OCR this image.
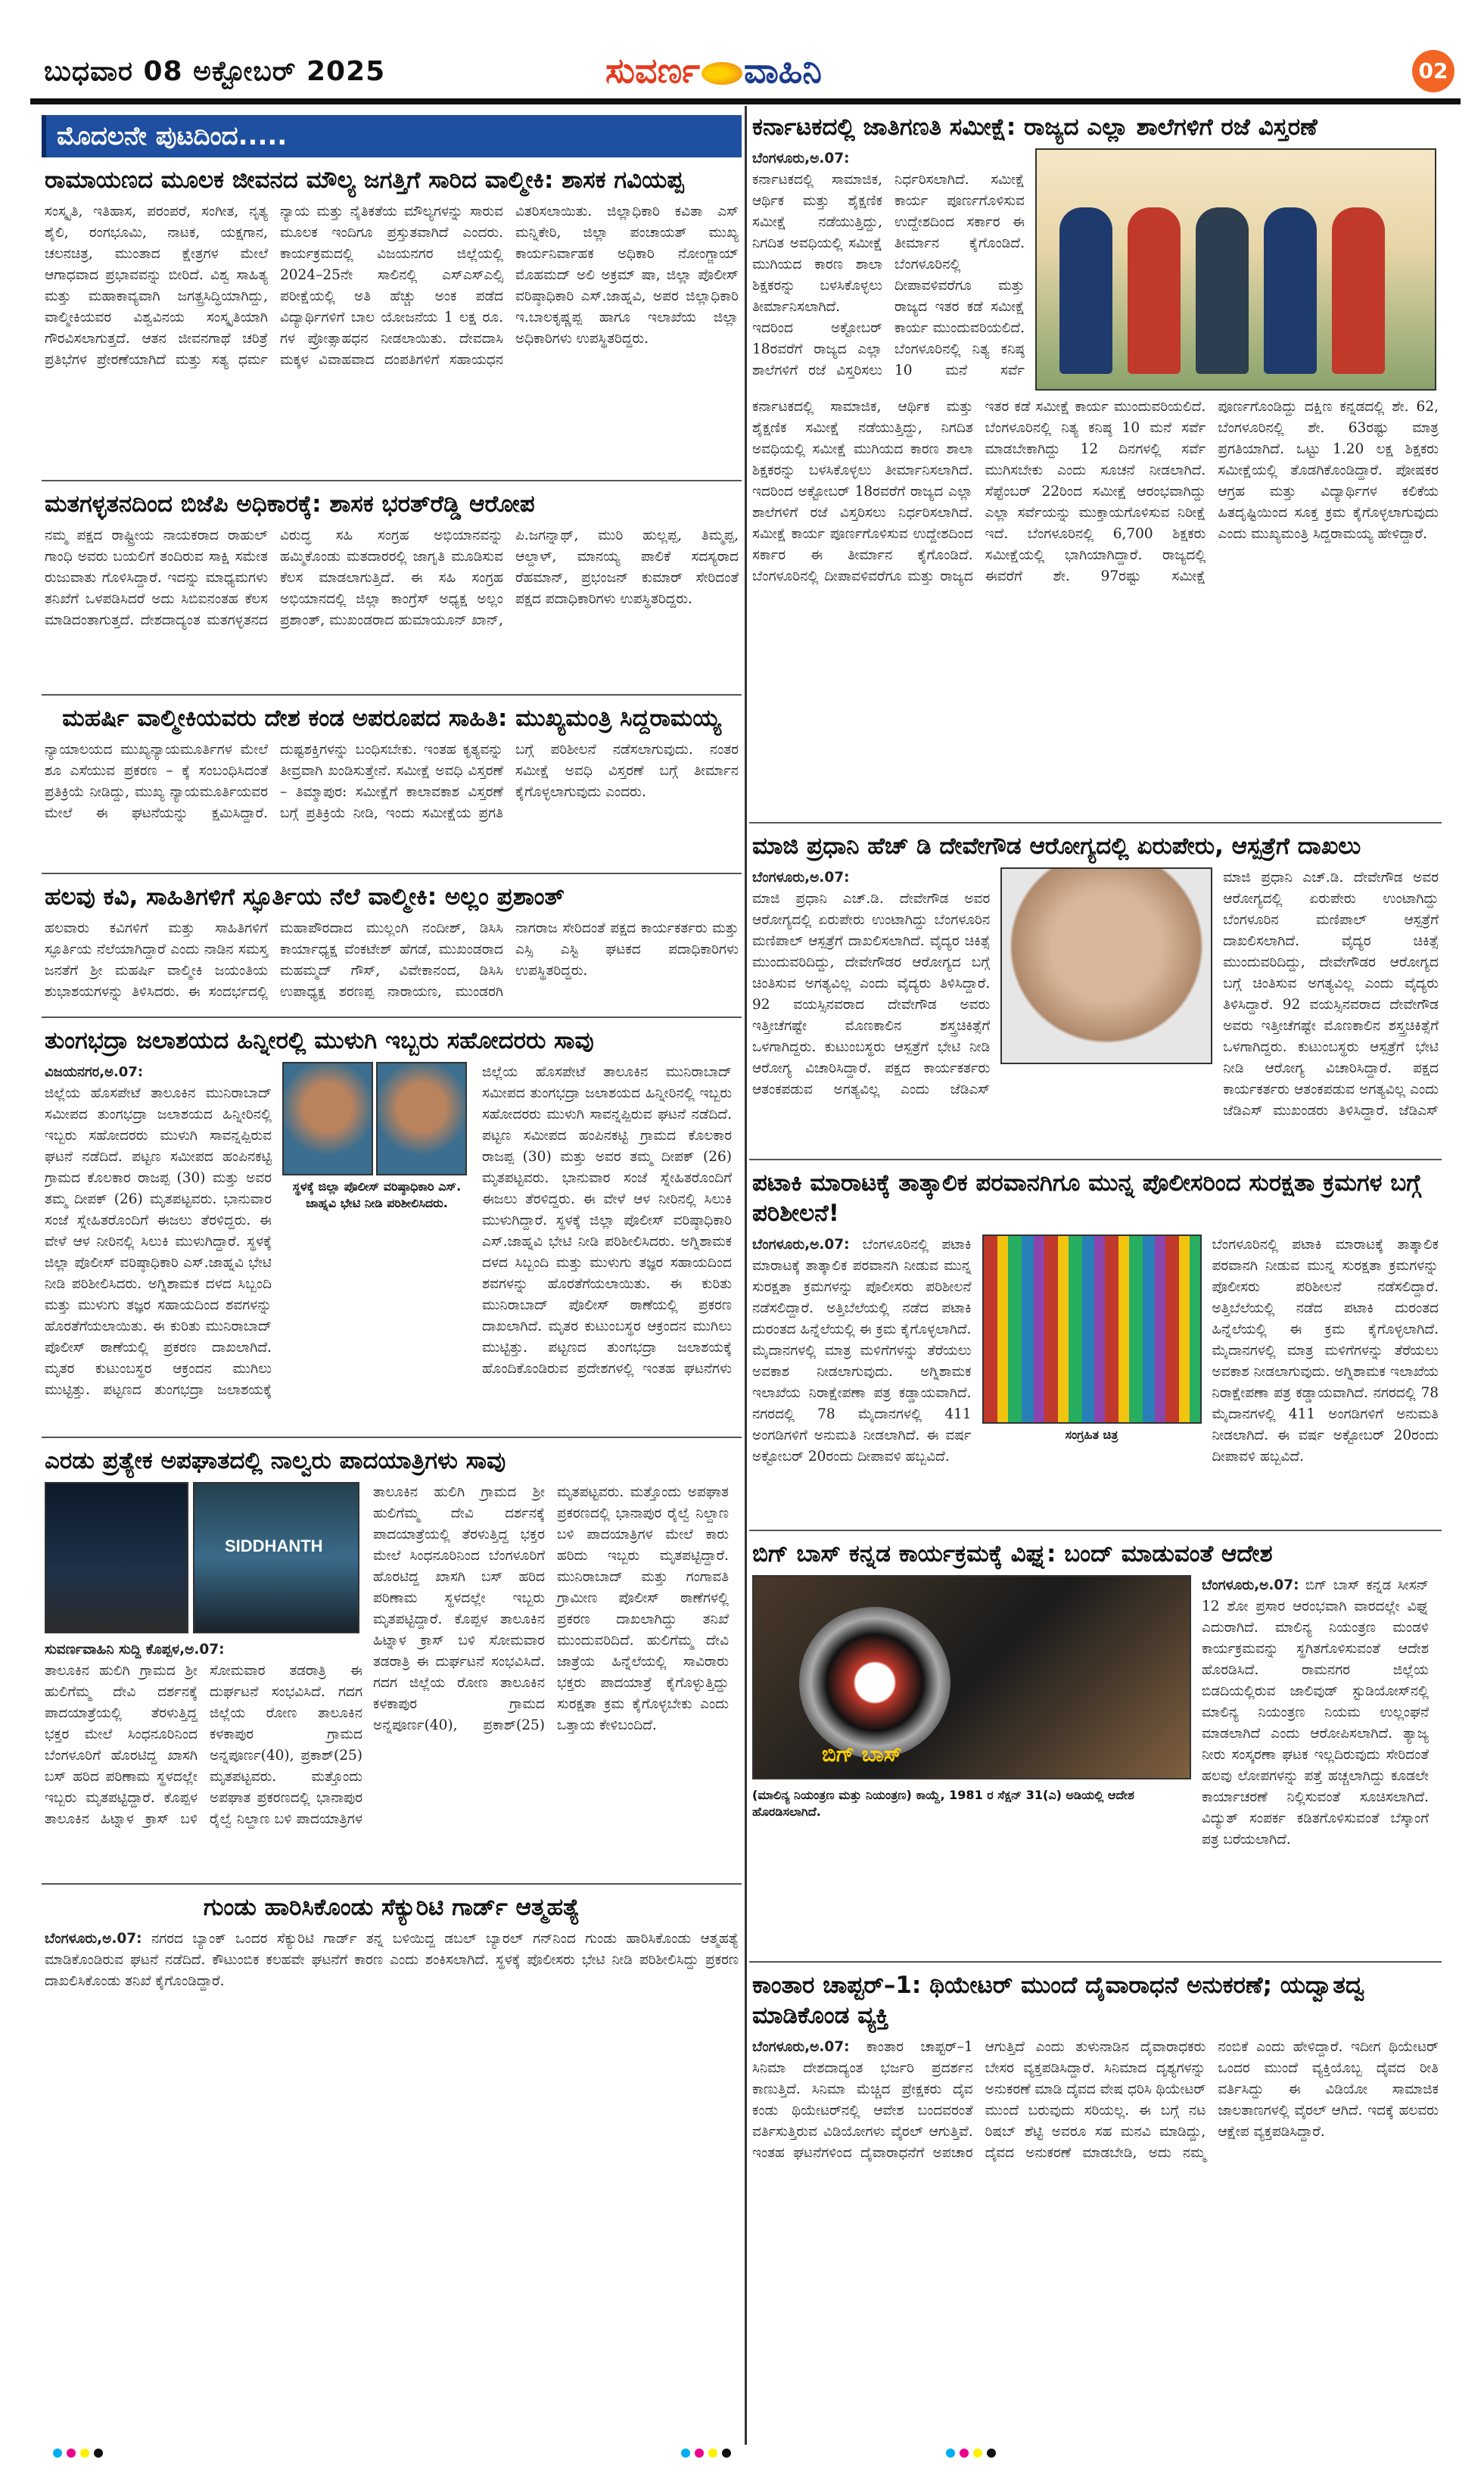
ಬುಧವಾರ 08 ಅಕ್ಟೋಬರ್ 2025	ಸುವರ್ಣ ವಾಹಿನಿ	02
ಮೊದಲನೇ ಪುಟದಿಂದ.....
ರಾಮಾಯಣದ ಮೂಲಕ ಜೀವನದ ಮೌಲ್ಯ ಜಗತ್ತಿಗೆ ಸಾರಿದ ವಾಲ್ಮೀಕಿ: ಶಾಸಕ ಗವಿಯಪ್ಪ
ಸಂಸ್ಕೃತಿ, ಇತಿಹಾಸ, ಪರಂಪರೆ, ಸಂಗೀತ, ನೃತ್ಯ ಶೈಲಿ, ರಂಗಭೂಮಿ, ನಾಟಕ, ಯಕ್ಷಗಾನ, ಚಲನಚಿತ್ರ, ಮುಂತಾದ ಕ್ಷೇತ್ರಗಳ ಮೇಲೆ ಆಗಾಧವಾದ ಪ್ರಭಾವವನ್ನು ಬೀರಿದೆ. ವಿಶ್ವ ಸಾಹಿತ್ಯ ಮತ್ತು ಮಹಾಕಾವ್ಯವಾಗಿ ಜಗತ್ಪ್ರಸಿದ್ಧಿಯಾಗಿದ್ದು, ವಾಲ್ಮೀಕಿಯವರ ವಿಶ್ವವಿನಯ ಸಂಸ್ಕೃತಿಯಾಗಿ ಗೌರವಿಸಲಾಗುತ್ತದೆ. ಆತನ ಜೀವನಗಾಥೆ ಚರಿತ್ರೆ ಪ್ರತಿಭೆಗಳ ಪ್ರೇರಣೆಯಾಗಿದೆ ಮತ್ತು ಸತ್ಯ ಧರ್ಮ ನ್ಯಾಯ ಮತ್ತು ನೈತಿಕತೆಯ ಮೌಲ್ಯಗಳನ್ನು ಸಾರುವ ಮೂಲಕ ಇಂದಿಗೂ ಪ್ರಸ್ತುತವಾಗಿದೆ ಎಂದರು. ಕಾರ್ಯಕ್ರಮದಲ್ಲಿ ವಿಜಯನಗರ ಜಿಲ್ಲೆಯಲ್ಲಿ 2024–25ನೇ ಸಾಲಿನಲ್ಲಿ ಎಸ್ಎಸ್ಎಲ್ಸಿ ಪರೀಕ್ಷೆಯಲ್ಲಿ ಅತಿ ಹೆಚ್ಚು ಅಂಕ ಪಡೆದ ವಿದ್ಯಾರ್ಥಿಗಳಿಗೆ ಬಾಲ ಯೋಜನೆಯ 1 ಲಕ್ಷ ರೂ. ಗಳ ಪ್ರೋತ್ಸಾಹಧನ ನೀಡಲಾಯಿತು. ದೇವದಾಸಿ ಮಕ್ಕಳ ವಿವಾಹವಾದ ದಂಪತಿಗಳಿಗೆ ಸಹಾಯಧನ ವಿತರಿಸಲಾಯಿತು. ಜಿಲ್ಲಾಧಿಕಾರಿ ಕವಿತಾ ಎಸ್ ಮನ್ನಿಕೇರಿ, ಜಿಲ್ಲಾ ಪಂಚಾಯತ್ ಮುಖ್ಯ ಕಾರ್ಯನಿರ್ವಾಹಕ ಅಧಿಕಾರಿ ನೋಂಗ್ಜಾಯ್ ಮೊಹಮದ್ ಅಲಿ ಅಕ್ರಮ್ ಷಾ, ಜಿಲ್ಲಾ ಪೊಲೀಸ್ ವರಿಷ್ಠಾಧಿಕಾರಿ ಎಸ್.ಜಾಹ್ನವಿ, ಅಪರ ಜಿಲ್ಲಾಧಿಕಾರಿ ಇ.ಬಾಲಕೃಷ್ಣಪ್ಪ ಹಾಗೂ ಇಲಾಖೆಯ ಜಿಲ್ಲಾ ಅಧಿಕಾರಿಗಳು ಉಪಸ್ಥಿತರಿದ್ದರು.
ಮತಗಳ್ಳತನದಿಂದ ಬಿಜೆಪಿ ಅಧಿಕಾರಕ್ಕೆ: ಶಾಸಕ ಭರತ್‌ರೆಡ್ಡಿ ಆರೋಪ
ನಮ್ಮ ಪಕ್ಷದ ರಾಷ್ಟ್ರೀಯ ನಾಯಕರಾದ ರಾಹುಲ್ ಗಾಂಧಿ ಅವರು ಬಯಲಿಗೆ ತಂದಿರುವ ಸಾಕ್ಷಿ ಸಮೇತ ರುಜುವಾತು ಗೊಳಿಸಿದ್ದಾರೆ. ಇದನ್ನು ಮಾಧ್ಯಮಗಳು ತನಿಖೆಗೆ ಒಳಪಡಿಸಿದರೆ ಅದು ಸಿಬಿಐನಂತಹ ಕೆಲಸ ಮಾಡಿದಂತಾಗುತ್ತದೆ. ದೇಶದಾದ್ಯಂತ ಮತಗಳ್ಳತನದ ವಿರುದ್ಧ ಸಹಿ ಸಂಗ್ರಹ ಅಭಿಯಾನವನ್ನು ಹಮ್ಮಿಕೊಂಡು ಮತದಾರರಲ್ಲಿ ಜಾಗೃತಿ ಮೂಡಿಸುವ ಕೆಲಸ ಮಾಡಲಾಗುತ್ತಿದೆ. ಈ ಸಹಿ ಸಂಗ್ರಹ ಅಭಿಯಾನದಲ್ಲಿ ಜಿಲ್ಲಾ ಕಾಂಗ್ರೆಸ್ ಅಧ್ಯಕ್ಷ ಅಲ್ಲಂ ಪ್ರಶಾಂತ್, ಮುಖಂಡರಾದ ಹುಮಾಯೂನ್ ಖಾನ್, ಪಿ.ಜಗನ್ನಾಥ್, ಮುರಿ ಹುಲ್ಲಪ್ಪ, ತಿಮ್ಮಪ್ಪ, ಆಲ್ದಾಳ್, ಮಾನಯ್ಯ ಪಾಲಿಕೆ ಸದಸ್ಯರಾದ ರೆಹಮಾನ್, ಪ್ರಭಂಜನ್ ಕುಮಾರ್ ಸೇರಿದಂತೆ ಪಕ್ಷದ ಪದಾಧಿಕಾರಿಗಳು ಉಪಸ್ಥಿತರಿದ್ದರು.
ಮಹರ್ಷಿ ವಾಲ್ಮೀಕಿಯವರು ದೇಶ ಕಂಡ ಅಪರೂಪದ ಸಾಹಿತಿ: ಮುಖ್ಯಮಂತ್ರಿ ಸಿದ್ದರಾಮಯ್ಯ
ನ್ಯಾಯಾಲಯದ ಮುಖ್ಯನ್ಯಾಯಮೂರ್ತಿಗಳ ಮೇಲೆ ಶೂ ಎಸೆಯುವ ಪ್ರಕರಣ – ಕ್ಕೆ ಸಂಬಂಧಿಸಿದಂತೆ ಪ್ರತಿಕ್ರಿಯೆ ನೀಡಿದ್ದು, ಮುಖ್ಯ ನ್ಯಾಯಮೂರ್ತಿಯವರ ಮೇಲೆ ಈ ಘಟನೆಯನ್ನು ಕ್ಷಮಿಸಿದ್ದಾರೆ. ದುಷ್ಟಶಕ್ತಿಗಳನ್ನು ಬಂಧಿಸಬೇಕು. ಇಂತಹ ಕೃತ್ಯವನ್ನು ತೀವ್ರವಾಗಿ ಖಂಡಿಸುತ್ತೇನೆ. ಸಮೀಕ್ಷೆ ಅವಧಿ ವಿಸ್ತರಣೆ – ತಿಮ್ಮಾಪುರ: ಸಮೀಕ್ಷೆಗೆ ಕಾಲಾವಕಾಶ ವಿಸ್ತರಣೆ ಬಗ್ಗೆ ಪ್ರತಿಕ್ರಿಯೆ ನೀಡಿ, ಇಂದು ಸಮೀಕ್ಷೆಯ ಪ್ರಗತಿ ಬಗ್ಗೆ ಪರಿಶೀಲನೆ ನಡೆಸಲಾಗುವುದು. ನಂತರ ಸಮೀಕ್ಷೆ ಅವಧಿ ವಿಸ್ತರಣೆ ಬಗ್ಗೆ ತೀರ್ಮಾನ ಕೈಗೊಳ್ಳಲಾಗುವುದು ಎಂದರು.
ಹಲವು ಕವಿ, ಸಾಹಿತಿಗಳಿಗೆ ಸ್ಫೂರ್ತಿಯ ನೆಲೆ ವಾಲ್ಮೀಕಿ: ಅಲ್ಲಂ ಪ್ರಶಾಂತ್
ಹಲವಾರು ಕವಿಗಳಿಗೆ ಮತ್ತು ಸಾಹಿತಿಗಳಿಗೆ ಸ್ಫೂರ್ತಿಯ ನೆಲೆಯಾಗಿದ್ದಾರೆ ಎಂದು ನಾಡಿನ ಸಮಸ್ತ ಜನತೆಗೆ ಶ್ರೀ ಮಹರ್ಷಿ ವಾಲ್ಮೀಕಿ ಜಯಂತಿಯ ಶುಭಾಶಯಗಳನ್ನು ತಿಳಿಸಿದರು. ಈ ಸಂದರ್ಭದಲ್ಲಿ ಮಹಾಪೌರದಾದ ಮುಲ್ಲಂಗಿ ನಂದೀಶ್, ಡಿಸಿಸಿ ಕಾರ್ಯಾಧ್ಯಕ್ಷ ವೆಂಕಟೇಶ್ ಹೆಗಡೆ, ಮುಖಂಡರಾದ ಮಹಮ್ಮದ್ ಗೌಸ್, ವಿವೇಕಾನಂದ, ಡಿಸಿಸಿ ಉಪಾಧ್ಯಕ್ಷ ಶರಣಪ್ಪ ನಾರಾಯಣ, ಮುಂಡರಗಿ ನಾಗರಾಜ ಸೇರಿದಂತೆ ಪಕ್ಷದ ಕಾರ್ಯಕರ್ತರು ಮತ್ತು ಎಸ್ಸಿ ಎಸ್ಟಿ ಘಟಕದ ಪದಾಧಿಕಾರಿಗಳು ಉಪಸ್ಥಿತರಿದ್ದರು.
ತುಂಗಭದ್ರಾ ಜಲಾಶಯದ ಹಿನ್ನೀರಲ್ಲಿ ಮುಳುಗಿ ಇಬ್ಬರು ಸಹೋದರರು ಸಾವು
ವಿಜಯನಗರ,ಅ.07:
ಜಿಲ್ಲೆಯ ಹೊಸಪೇಟೆ ತಾಲೂಕಿನ ಮುನಿರಾಬಾದ್ ಸಮೀಪದ ತುಂಗಭದ್ರಾ ಜಲಾಶಯದ ಹಿನ್ನೀರಿನಲ್ಲಿ ಇಬ್ಬರು ಸಹೋದರರು ಮುಳುಗಿ ಸಾವನ್ನಪ್ಪಿರುವ ಘಟನೆ ನಡೆದಿದೆ. ಪಟ್ಟಣ ಸಮೀಪದ ಹಂಪಿನಕಟ್ಟಿ ಗ್ರಾಮದ ಕೊಲಕಾರ ರಾಜಪ್ಪ (30) ಮತ್ತು ಅವರ ತಮ್ಮ ದೀಪಕ್ (26) ಮೃತಪಟ್ಟವರು. ಭಾನುವಾರ ಸಂಜೆ ಸ್ನೇಹಿತರೊಂದಿಗೆ ಈಜಲು ತೆರಳಿದ್ದರು. ಈ ವೇಳೆ ಆಳ ನೀರಿನಲ್ಲಿ ಸಿಲುಕಿ ಮುಳುಗಿದ್ದಾರೆ. ಸ್ಥಳಕ್ಕೆ ಜಿಲ್ಲಾ ಪೊಲೀಸ್ ವರಿಷ್ಠಾಧಿಕಾರಿ ಎಸ್.ಜಾಹ್ನವಿ ಭೇಟಿ ನೀಡಿ ಪರಿಶೀಲಿಸಿದರು. ಅಗ್ನಿಶಾಮಕ ದಳದ ಸಿಬ್ಬಂದಿ ಮತ್ತು ಮುಳುಗು ತಜ್ಞರ ಸಹಾಯದಿಂದ ಶವಗಳನ್ನು ಹೊರತೆಗೆಯಲಾಯಿತು. ಈ ಕುರಿತು ಮುನಿರಾಬಾದ್ ಪೊಲೀಸ್ ಠಾಣೆಯಲ್ಲಿ ಪ್ರಕರಣ ದಾಖಲಾಗಿದೆ. ಮೃತರ ಕುಟುಂಬಸ್ಥರ ಆಕ್ರಂದನ ಮುಗಿಲು ಮುಟ್ಟಿತ್ತು. ಪಟ್ಟಣದ ತುಂಗಭದ್ರಾ ಜಲಾಶಯಕ್ಕೆ
ಸ್ಥಳಕ್ಕೆ ಜಿಲ್ಲಾ ಪೊಲೀಸ್ ವರಿಷ್ಠಾಧಿಕಾರಿ ಎಸ್. ಜಾಹ್ನವಿ ಭೇಟಿ ನೀಡಿ ಪರಿಶೀಲಿಸಿದರು.
ಜಿಲ್ಲೆಯ ಹೊಸಪೇಟೆ ತಾಲೂಕಿನ ಮುನಿರಾಬಾದ್ ಸಮೀಪದ ತುಂಗಭದ್ರಾ ಜಲಾಶಯದ ಹಿನ್ನೀರಿನಲ್ಲಿ ಇಬ್ಬರು ಸಹೋದರರು ಮುಳುಗಿ ಸಾವನ್ನಪ್ಪಿರುವ ಘಟನೆ ನಡೆದಿದೆ. ಪಟ್ಟಣ ಸಮೀಪದ ಹಂಪಿನಕಟ್ಟಿ ಗ್ರಾಮದ ಕೊಲಕಾರ ರಾಜಪ್ಪ (30) ಮತ್ತು ಅವರ ತಮ್ಮ ದೀಪಕ್ (26) ಮೃತಪಟ್ಟವರು. ಭಾನುವಾರ ಸಂಜೆ ಸ್ನೇಹಿತರೊಂದಿಗೆ ಈಜಲು ತೆರಳಿದ್ದರು. ಈ ವೇಳೆ ಆಳ ನೀರಿನಲ್ಲಿ ಸಿಲುಕಿ ಮುಳುಗಿದ್ದಾರೆ. ಸ್ಥಳಕ್ಕೆ ಜಿಲ್ಲಾ ಪೊಲೀಸ್ ವರಿಷ್ಠಾಧಿಕಾರಿ ಎಸ್.ಜಾಹ್ನವಿ ಭೇಟಿ ನೀಡಿ ಪರಿಶೀಲಿಸಿದರು. ಅಗ್ನಿಶಾಮಕ ದಳದ ಸಿಬ್ಬಂದಿ ಮತ್ತು ಮುಳುಗು ತಜ್ಞರ ಸಹಾಯದಿಂದ ಶವಗಳನ್ನು ಹೊರತೆಗೆಯಲಾಯಿತು. ಈ ಕುರಿತು ಮುನಿರಾಬಾದ್ ಪೊಲೀಸ್ ಠಾಣೆಯಲ್ಲಿ ಪ್ರಕರಣ ದಾಖಲಾಗಿದೆ. ಮೃತರ ಕುಟುಂಬಸ್ಥರ ಆಕ್ರಂದನ ಮುಗಿಲು ಮುಟ್ಟಿತ್ತು. ಪಟ್ಟಣದ ತುಂಗಭದ್ರಾ ಜಲಾಶಯಕ್ಕೆ ಹೊಂದಿಕೊಂಡಿರುವ ಪ್ರದೇಶಗಳಲ್ಲಿ ಇಂತಹ ಘಟನೆಗಳು
ಎರಡು ಪ್ರತ್ಯೇಕ ಅಪಘಾತದಲ್ಲಿ ನಾಲ್ವರು ಪಾದಯಾತ್ರಿಗಳು ಸಾವು
SIDDHANTH
ಸುವರ್ಣವಾಹಿನಿ ಸುದ್ದಿ ಕೊಪ್ಪಳ,ಅ.07:
ತಾಲೂಕಿನ ಹುಲಿಗಿ ಗ್ರಾಮದ ಶ್ರೀ ಹುಲಿಗೆಮ್ಮ ದೇವಿ ದರ್ಶನಕ್ಕೆ ಪಾದಯಾತ್ರೆಯಲ್ಲಿ ತೆರಳುತ್ತಿದ್ದ ಭಕ್ತರ ಮೇಲೆ ಸಿಂಧನೂರಿನಿಂದ ಬೆಂಗಳೂರಿಗೆ ಹೊರಟಿದ್ದ ಖಾಸಗಿ ಬಸ್ ಹರಿದ ಪರಿಣಾಮ ಸ್ಥಳದಲ್ಲೇ ಇಬ್ಬರು ಮೃತಪಟ್ಟಿದ್ದಾರೆ. ಕೊಪ್ಪಳ ತಾಲೂಕಿನ ಹಿಟ್ನಾಳ ಕ್ರಾಸ್ ಬಳಿ ಸೋಮವಾರ ತಡರಾತ್ರಿ ಈ ದುರ್ಘಟನೆ ಸಂಭವಿಸಿದೆ. ಗದಗ ಜಿಲ್ಲೆಯ ರೋಣ ತಾಲೂಕಿನ ಕಳಕಾಪುರ ಗ್ರಾಮದ ಅನ್ನಪೂರ್ಣ(40), ಪ್ರಕಾಶ್(25) ಮೃತಪಟ್ಟವರು. ಮತ್ತೊಂದು ಅಪಘಾತ ಪ್ರಕರಣದಲ್ಲಿ ಭಾನಾಪುರ ರೈಲ್ವೆ ನಿಲ್ದಾಣ ಬಳಿ ಪಾದಯಾತ್ರಿಗಳ
ತಾಲೂಕಿನ ಹುಲಿಗಿ ಗ್ರಾಮದ ಶ್ರೀ ಹುಲಿಗೆಮ್ಮ ದೇವಿ ದರ್ಶನಕ್ಕೆ ಪಾದಯಾತ್ರೆಯಲ್ಲಿ ತೆರಳುತ್ತಿದ್ದ ಭಕ್ತರ ಮೇಲೆ ಸಿಂಧನೂರಿನಿಂದ ಬೆಂಗಳೂರಿಗೆ ಹೊರಟಿದ್ದ ಖಾಸಗಿ ಬಸ್ ಹರಿದ ಪರಿಣಾಮ ಸ್ಥಳದಲ್ಲೇ ಇಬ್ಬರು ಮೃತಪಟ್ಟಿದ್ದಾರೆ. ಕೊಪ್ಪಳ ತಾಲೂಕಿನ ಹಿಟ್ನಾಳ ಕ್ರಾಸ್ ಬಳಿ ಸೋಮವಾರ ತಡರಾತ್ರಿ ಈ ದುರ್ಘಟನೆ ಸಂಭವಿಸಿದೆ. ಗದಗ ಜಿಲ್ಲೆಯ ರೋಣ ತಾಲೂಕಿನ ಕಳಕಾಪುರ ಗ್ರಾಮದ ಅನ್ನಪೂರ್ಣ(40), ಪ್ರಕಾಶ್(25) ಮೃತಪಟ್ಟವರು. ಮತ್ತೊಂದು ಅಪಘಾತ ಪ್ರಕರಣದಲ್ಲಿ ಭಾನಾಪುರ ರೈಲ್ವೆ ನಿಲ್ದಾಣ ಬಳಿ ಪಾದಯಾತ್ರಿಗಳ ಮೇಲೆ ಕಾರು ಹರಿದು ಇಬ್ಬರು ಮೃತಪಟ್ಟಿದ್ದಾರೆ. ಮುನಿರಾಬಾದ್ ಮತ್ತು ಗಂಗಾವತಿ ಗ್ರಾಮೀಣ ಪೊಲೀಸ್ ಠಾಣೆಗಳಲ್ಲಿ ಪ್ರಕರಣ ದಾಖಲಾಗಿದ್ದು ತನಿಖೆ ಮುಂದುವರಿದಿದೆ. ಹುಲಿಗೆಮ್ಮ ದೇವಿ ಜಾತ್ರೆಯ ಹಿನ್ನೆಲೆಯಲ್ಲಿ ಸಾವಿರಾರು ಭಕ್ತರು ಪಾದಯಾತ್ರೆ ಕೈಗೊಳ್ಳುತ್ತಿದ್ದು ಸುರಕ್ಷತಾ ಕ್ರಮ ಕೈಗೊಳ್ಳಬೇಕು ಎಂದು ಒತ್ತಾಯ ಕೇಳಿಬಂದಿದೆ.
ಗುಂಡು ಹಾರಿಸಿಕೊಂಡು ಸೆಕ್ಯುರಿಟಿ ಗಾರ್ಡ್ ಆತ್ಮಹತ್ಯೆ
ಬೆಂಗಳೂರು,ಅ.07: ನಗರದ ಬ್ಯಾಂಕ್ ಒಂದರ ಸೆಕ್ಯುರಿಟಿ ಗಾರ್ಡ್ ತನ್ನ ಬಳಿಯಿದ್ದ ಡಬಲ್ ಬ್ಯಾರಲ್ ಗನ್‌ನಿಂದ ಗುಂಡು ಹಾರಿಸಿಕೊಂಡು ಆತ್ಮಹತ್ಯೆ ಮಾಡಿಕೊಂಡಿರುವ ಘಟನೆ ನಡೆದಿದೆ. ಕೌಟುಂಬಿಕ ಕಲಹವೇ ಘಟನೆಗೆ ಕಾರಣ ಎಂದು ಶಂಕಿಸಲಾಗಿದೆ. ಸ್ಥಳಕ್ಕೆ ಪೊಲೀಸರು ಭೇಟಿ ನೀಡಿ ಪರಿಶೀಲಿಸಿದ್ದು ಪ್ರಕರಣ ದಾಖಲಿಸಿಕೊಂಡು ತನಿಖೆ ಕೈಗೊಂಡಿದ್ದಾರೆ.
ಕರ್ನಾಟಕದಲ್ಲಿ ಜಾತಿಗಣತಿ ಸಮೀಕ್ಷೆ: ರಾಜ್ಯದ ಎಲ್ಲಾ ಶಾಲೆಗಳಿಗೆ ರಜೆ ವಿಸ್ತರಣೆ
ಬೆಂಗಳೂರು,ಅ.07:
ಕರ್ನಾಟಕದಲ್ಲಿ ಸಾಮಾಜಿಕ, ಆರ್ಥಿಕ ಮತ್ತು ಶೈಕ್ಷಣಿಕ ಸಮೀಕ್ಷೆ ನಡೆಯುತ್ತಿದ್ದು, ನಿಗದಿತ ಅವಧಿಯಲ್ಲಿ ಸಮೀಕ್ಷೆ ಮುಗಿಯದ ಕಾರಣ ಶಾಲಾ ಶಿಕ್ಷಕರನ್ನು ಬಳಸಿಕೊಳ್ಳಲು ತೀರ್ಮಾನಿಸಲಾಗಿದೆ. ಇದರಿಂದ ಅಕ್ಟೋಬರ್ 18ರವರೆಗೆ ರಾಜ್ಯದ ಎಲ್ಲಾ ಶಾಲೆಗಳಿಗೆ ರಜೆ ವಿಸ್ತರಿಸಲು ನಿರ್ಧರಿಸಲಾಗಿದೆ. ಸಮೀಕ್ಷೆ ಕಾರ್ಯ ಪೂರ್ಣಗೊಳಿಸುವ ಉದ್ದೇಶದಿಂದ ಸರ್ಕಾರ ಈ ತೀರ್ಮಾನ ಕೈಗೊಂಡಿದೆ. ಬೆಂಗಳೂರಿನಲ್ಲಿ ದೀಪಾವಳಿವರೆಗೂ ಮತ್ತು ರಾಜ್ಯದ ಇತರ ಕಡೆ ಸಮೀಕ್ಷೆ ಕಾರ್ಯ ಮುಂದುವರಿಯಲಿದೆ. ಬೆಂಗಳೂರಿನಲ್ಲಿ ನಿತ್ಯ ಕನಿಷ್ಠ 10 ಮನೆ ಸರ್ವೆ
ಕರ್ನಾಟಕದಲ್ಲಿ ಸಾಮಾಜಿಕ, ಆರ್ಥಿಕ ಮತ್ತು ಶೈಕ್ಷಣಿಕ ಸಮೀಕ್ಷೆ ನಡೆಯುತ್ತಿದ್ದು, ನಿಗದಿತ ಅವಧಿಯಲ್ಲಿ ಸಮೀಕ್ಷೆ ಮುಗಿಯದ ಕಾರಣ ಶಾಲಾ ಶಿಕ್ಷಕರನ್ನು ಬಳಸಿಕೊಳ್ಳಲು ತೀರ್ಮಾನಿಸಲಾಗಿದೆ. ಇದರಿಂದ ಅಕ್ಟೋಬರ್ 18ರವರೆಗೆ ರಾಜ್ಯದ ಎಲ್ಲಾ ಶಾಲೆಗಳಿಗೆ ರಜೆ ವಿಸ್ತರಿಸಲು ನಿರ್ಧರಿಸಲಾಗಿದೆ. ಸಮೀಕ್ಷೆ ಕಾರ್ಯ ಪೂರ್ಣಗೊಳಿಸುವ ಉದ್ದೇಶದಿಂದ ಸರ್ಕಾರ ಈ ತೀರ್ಮಾನ ಕೈಗೊಂಡಿದೆ. ಬೆಂಗಳೂರಿನಲ್ಲಿ ದೀಪಾವಳಿವರೆಗೂ ಮತ್ತು ರಾಜ್ಯದ ಇತರ ಕಡೆ ಸಮೀಕ್ಷೆ ಕಾರ್ಯ ಮುಂದುವರಿಯಲಿದೆ. ಬೆಂಗಳೂರಿನಲ್ಲಿ ನಿತ್ಯ ಕನಿಷ್ಠ 10 ಮನೆ ಸರ್ವೆ ಮಾಡಬೇಕಾಗಿದ್ದು 12 ದಿನಗಳಲ್ಲಿ ಸರ್ವೆ ಮುಗಿಸಬೇಕು ಎಂದು ಸೂಚನೆ ನೀಡಲಾಗಿದೆ. ಸೆಪ್ಟೆಂಬರ್ 22ರಿಂದ ಸಮೀಕ್ಷೆ ಆರಂಭವಾಗಿದ್ದು ಎಲ್ಲಾ ಸರ್ವೆಯನ್ನು ಮುಕ್ತಾಯಗೊಳಿಸುವ ನಿರೀಕ್ಷೆ ಇದೆ. ಬೆಂಗಳೂರಿನಲ್ಲಿ 6,700 ಶಿಕ್ಷಕರು ಸಮೀಕ್ಷೆಯಲ್ಲಿ ಭಾಗಿಯಾಗಿದ್ದಾರೆ. ರಾಜ್ಯದಲ್ಲಿ ಈವರೆಗೆ ಶೇ. 97ರಷ್ಟು ಸಮೀಕ್ಷೆ ಪೂರ್ಣಗೊಂಡಿದ್ದು ದಕ್ಷಿಣ ಕನ್ನಡದಲ್ಲಿ ಶೇ. 62, ಬೆಂಗಳೂರಿನಲ್ಲಿ ಶೇ. 63ರಷ್ಟು ಮಾತ್ರ ಪ್ರಗತಿಯಾಗಿದೆ. ಒಟ್ಟು 1.20 ಲಕ್ಷ ಶಿಕ್ಷಕರು ಸಮೀಕ್ಷೆಯಲ್ಲಿ ತೊಡಗಿಕೊಂಡಿದ್ದಾರೆ. ಪೋಷಕರ ಆಗ್ರಹ ಮತ್ತು ವಿದ್ಯಾರ್ಥಿಗಳ ಕಲಿಕೆಯ ಹಿತದೃಷ್ಟಿಯಿಂದ ಸೂಕ್ತ ಕ್ರಮ ಕೈಗೊಳ್ಳಲಾಗುವುದು ಎಂದು ಮುಖ್ಯಮಂತ್ರಿ ಸಿದ್ದರಾಮಯ್ಯ ಹೇಳಿದ್ದಾರೆ.
ಮಾಜಿ ಪ್ರಧಾನಿ ಹೆಚ್ ಡಿ ದೇವೇಗೌಡ ಆರೋಗ್ಯದಲ್ಲಿ ಏರುಪೇರು, ಆಸ್ಪತ್ರೆಗೆ ದಾಖಲು
ಬೆಂಗಳೂರು,ಅ.07:
ಮಾಜಿ ಪ್ರಧಾನಿ ಎಚ್.ಡಿ. ದೇವೇಗೌಡ ಅವರ ಆರೋಗ್ಯದಲ್ಲಿ ಏರುಪೇರು ಉಂಟಾಗಿದ್ದು ಬೆಂಗಳೂರಿನ ಮಣಿಪಾಲ್ ಆಸ್ಪತ್ರೆಗೆ ದಾಖಲಿಸಲಾಗಿದೆ. ವೈದ್ಯರ ಚಿಕಿತ್ಸೆ ಮುಂದುವರಿದಿದ್ದು, ದೇವೇಗೌಡರ ಆರೋಗ್ಯದ ಬಗ್ಗೆ ಚಿಂತಿಸುವ ಅಗತ್ಯವಿಲ್ಲ ಎಂದು ವೈದ್ಯರು ತಿಳಿಸಿದ್ದಾರೆ. 92 ವಯಸ್ಸಿನವರಾದ ದೇವೇಗೌಡ ಅವರು ಇತ್ತೀಚೆಗಷ್ಟೇ ಮೊಣಕಾಲಿನ ಶಸ್ತ್ರಚಿಕಿತ್ಸೆಗೆ ಒಳಗಾಗಿದ್ದರು. ಕುಟುಂಬಸ್ಥರು ಆಸ್ಪತ್ರೆಗೆ ಭೇಟಿ ನೀಡಿ ಆರೋಗ್ಯ ವಿಚಾರಿಸಿದ್ದಾರೆ. ಪಕ್ಷದ ಕಾರ್ಯಕರ್ತರು ಆತಂಕಪಡುವ ಅಗತ್ಯವಿಲ್ಲ ಎಂದು ಜೆಡಿಎಸ್
ಮಾಜಿ ಪ್ರಧಾನಿ ಎಚ್.ಡಿ. ದೇವೇಗೌಡ ಅವರ ಆರೋಗ್ಯದಲ್ಲಿ ಏರುಪೇರು ಉಂಟಾಗಿದ್ದು ಬೆಂಗಳೂರಿನ ಮಣಿಪಾಲ್ ಆಸ್ಪತ್ರೆಗೆ ದಾಖಲಿಸಲಾಗಿದೆ. ವೈದ್ಯರ ಚಿಕಿತ್ಸೆ ಮುಂದುವರಿದಿದ್ದು, ದೇವೇಗೌಡರ ಆರೋಗ್ಯದ ಬಗ್ಗೆ ಚಿಂತಿಸುವ ಅಗತ್ಯವಿಲ್ಲ ಎಂದು ವೈದ್ಯರು ತಿಳಿಸಿದ್ದಾರೆ. 92 ವಯಸ್ಸಿನವರಾದ ದೇವೇಗೌಡ ಅವರು ಇತ್ತೀಚೆಗಷ್ಟೇ ಮೊಣಕಾಲಿನ ಶಸ್ತ್ರಚಿಕಿತ್ಸೆಗೆ ಒಳಗಾಗಿದ್ದರು. ಕುಟುಂಬಸ್ಥರು ಆಸ್ಪತ್ರೆಗೆ ಭೇಟಿ ನೀಡಿ ಆರೋಗ್ಯ ವಿಚಾರಿಸಿದ್ದಾರೆ. ಪಕ್ಷದ ಕಾರ್ಯಕರ್ತರು ಆತಂಕಪಡುವ ಅಗತ್ಯವಿಲ್ಲ ಎಂದು ಜೆಡಿಎಸ್ ಮುಖಂಡರು ತಿಳಿಸಿದ್ದಾರೆ. ಜೆಡಿಎಸ್
ಪಟಾಕಿ ಮಾರಾಟಕ್ಕೆ ತಾತ್ಕಾಲಿಕ ಪರವಾನಗಿಗೂ ಮುನ್ನ ಪೊಲೀಸರಿಂದ ಸುರಕ್ಷತಾ ಕ್ರಮಗಳ ಬಗ್ಗೆ ಪರಿಶೀಲನೆ!
ಬೆಂಗಳೂರು,ಅ.07: ಬೆಂಗಳೂರಿನಲ್ಲಿ ಪಟಾಕಿ ಮಾರಾಟಕ್ಕೆ ತಾತ್ಕಾಲಿಕ ಪರವಾನಗಿ ನೀಡುವ ಮುನ್ನ ಸುರಕ್ಷತಾ ಕ್ರಮಗಳನ್ನು ಪೊಲೀಸರು ಪರಿಶೀಲನೆ ನಡೆಸಲಿದ್ದಾರೆ. ಅತ್ತಿಬೆಲೆಯಲ್ಲಿ ನಡೆದ ಪಟಾಕಿ ದುರಂತದ ಹಿನ್ನೆಲೆಯಲ್ಲಿ ಈ ಕ್ರಮ ಕೈಗೊಳ್ಳಲಾಗಿದೆ. ಮೈದಾನಗಳಲ್ಲಿ ಮಾತ್ರ ಮಳಿಗೆಗಳನ್ನು ತೆರೆಯಲು ಅವಕಾಶ ನೀಡಲಾಗುವುದು. ಅಗ್ನಿಶಾಮಕ ಇಲಾಖೆಯ ನಿರಾಕ್ಷೇಪಣಾ ಪತ್ರ ಕಡ್ಡಾಯವಾಗಿದೆ. ನಗರದಲ್ಲಿ 78 ಮೈದಾನಗಳಲ್ಲಿ 411 ಅಂಗಡಿಗಳಿಗೆ ಅನುಮತಿ ನೀಡಲಾಗಿದೆ. ಈ ವರ್ಷ ಅಕ್ಟೋಬರ್ 20ರಂದು ದೀಪಾವಳಿ ಹಬ್ಬವಿದೆ.
ಸಂಗ್ರಹಿತ ಚಿತ್ರ
ಬೆಂಗಳೂರಿನಲ್ಲಿ ಪಟಾಕಿ ಮಾರಾಟಕ್ಕೆ ತಾತ್ಕಾಲಿಕ ಪರವಾನಗಿ ನೀಡುವ ಮುನ್ನ ಸುರಕ್ಷತಾ ಕ್ರಮಗಳನ್ನು ಪೊಲೀಸರು ಪರಿಶೀಲನೆ ನಡೆಸಲಿದ್ದಾರೆ. ಅತ್ತಿಬೆಲೆಯಲ್ಲಿ ನಡೆದ ಪಟಾಕಿ ದುರಂತದ ಹಿನ್ನೆಲೆಯಲ್ಲಿ ಈ ಕ್ರಮ ಕೈಗೊಳ್ಳಲಾಗಿದೆ. ಮೈದಾನಗಳಲ್ಲಿ ಮಾತ್ರ ಮಳಿಗೆಗಳನ್ನು ತೆರೆಯಲು ಅವಕಾಶ ನೀಡಲಾಗುವುದು. ಅಗ್ನಿಶಾಮಕ ಇಲಾಖೆಯ ನಿರಾಕ್ಷೇಪಣಾ ಪತ್ರ ಕಡ್ಡಾಯವಾಗಿದೆ. ನಗರದಲ್ಲಿ 78 ಮೈದಾನಗಳಲ್ಲಿ 411 ಅಂಗಡಿಗಳಿಗೆ ಅನುಮತಿ ನೀಡಲಾಗಿದೆ. ಈ ವರ್ಷ ಅಕ್ಟೋಬರ್ 20ರಂದು ದೀಪಾವಳಿ ಹಬ್ಬವಿದೆ.
ಬಿಗ್ ಬಾಸ್ ಕನ್ನಡ ಕಾರ್ಯಕ್ರಮಕ್ಕೆ ವಿಘ್ನ: ಬಂದ್ ಮಾಡುವಂತೆ ಆದೇಶ
ಬಿಗ್ ಬಾಸ್
ಬೆಂಗಳೂರು,ಅ.07: ಬಿಗ್ ಬಾಸ್ ಕನ್ನಡ ಸೀಸನ್ 12 ಶೋ ಪ್ರಸಾರ ಆರಂಭವಾಗಿ ವಾರದಲ್ಲೇ ವಿಘ್ನ ಎದುರಾಗಿದೆ. ಮಾಲಿನ್ಯ ನಿಯಂತ್ರಣ ಮಂಡಳಿ ಕಾರ್ಯಕ್ರಮವನ್ನು ಸ್ಥಗಿತಗೊಳಿಸುವಂತೆ ಆದೇಶ ಹೊರಡಿಸಿದೆ. ರಾಮನಗರ ಜಿಲ್ಲೆಯ ಬಿಡದಿಯಲ್ಲಿರುವ ಜಾಲಿವುಡ್ ಸ್ಟುಡಿಯೋಸ್‌ನಲ್ಲಿ ಮಾಲಿನ್ಯ ನಿಯಂತ್ರಣ ನಿಯಮ ಉಲ್ಲಂಘನೆ ಮಾಡಲಾಗಿದೆ ಎಂದು ಆರೋಪಿಸಲಾಗಿದೆ. ತ್ಯಾಜ್ಯ ನೀರು ಸಂಸ್ಕರಣಾ ಘಟಕ ಇಲ್ಲದಿರುವುದು ಸೇರಿದಂತೆ ಹಲವು ಲೋಪಗಳನ್ನು ಪತ್ತೆ ಹಚ್ಚಲಾಗಿದ್ದು ಕೂಡಲೇ ಕಾರ್ಯಾಚರಣೆ ನಿಲ್ಲಿಸುವಂತೆ ಸೂಚಿಸಲಾಗಿದೆ. ವಿದ್ಯುತ್ ಸಂಪರ್ಕ ಕಡಿತಗೊಳಿಸುವಂತೆ ಬೆಸ್ಕಾಂಗೆ ಪತ್ರ ಬರೆಯಲಾಗಿದೆ.
(ಮಾಲಿನ್ಯ ನಿಯಂತ್ರಣ ಮತ್ತು ನಿಯಂತ್ರಣ) ಕಾಯ್ದೆ, 1981 ರ ಸೆಕ್ಷನ್ 31(ಎ) ಅಡಿಯಲ್ಲಿ ಆದೇಶ ಹೊರಡಿಸಲಾಗಿದೆ.
ಕಾಂತಾರ ಚಾಪ್ಟರ್–1: ಥಿಯೇಟರ್ ಮುಂದೆ ದೈವಾರಾಧನೆ ಅನುಕರಣೆ; ಯದ್ವಾತದ್ವ ಮಾಡಿಕೊಂಡ ವ್ಯಕ್ತಿ
ಬೆಂಗಳೂರು,ಅ.07: ಕಾಂತಾರ ಚಾಪ್ಟರ್–1 ಸಿನಿಮಾ ದೇಶದಾದ್ಯಂತ ಭರ್ಜರಿ ಪ್ರದರ್ಶನ ಕಾಣುತ್ತಿದೆ. ಸಿನಿಮಾ ಮೆಚ್ಚಿದ ಪ್ರೇಕ್ಷಕರು ದೈವ ಕಂಡು ಥಿಯೇಟರ್‌ನಲ್ಲಿ ಆವೇಶ ಬಂದವರಂತೆ ವರ್ತಿಸುತ್ತಿರುವ ವಿಡಿಯೋಗಳು ವೈರಲ್ ಆಗುತ್ತಿವೆ. ಇಂತಹ ಘಟನೆಗಳಿಂದ ದೈವಾರಾಧನೆಗೆ ಅಪಚಾರ ಆಗುತ್ತಿದೆ ಎಂದು ತುಳುನಾಡಿನ ದೈವಾರಾಧಕರು ಬೇಸರ ವ್ಯಕ್ತಪಡಿಸಿದ್ದಾರೆ. ಸಿನಿಮಾದ ದೃಶ್ಯಗಳನ್ನು ಅನುಕರಣೆ ಮಾಡಿ ದೈವದ ವೇಷ ಧರಿಸಿ ಥಿಯೇಟರ್ ಮುಂದೆ ಬರುವುದು ಸರಿಯಲ್ಲ. ಈ ಬಗ್ಗೆ ನಟ ರಿಷಬ್ ಶೆಟ್ಟಿ ಅವರೂ ಸಹ ಮನವಿ ಮಾಡಿದ್ದು, ದೈವದ ಅನುಕರಣೆ ಮಾಡಬೇಡಿ, ಅದು ನಮ್ಮ ನಂಬಿಕೆ ಎಂದು ಹೇಳಿದ್ದಾರೆ. ಇದೀಗ ಥಿಯೇಟರ್ ಒಂದರ ಮುಂದೆ ವ್ಯಕ್ತಿಯೊಬ್ಬ ದೈವದ ರೀತಿ ವರ್ತಿಸಿದ್ದು ಈ ವಿಡಿಯೋ ಸಾಮಾಜಿಕ ಜಾಲತಾಣಗಳಲ್ಲಿ ವೈರಲ್ ಆಗಿದೆ. ಇದಕ್ಕೆ ಹಲವರು ಆಕ್ಷೇಪ ವ್ಯಕ್ತಪಡಿಸಿದ್ದಾರೆ.
